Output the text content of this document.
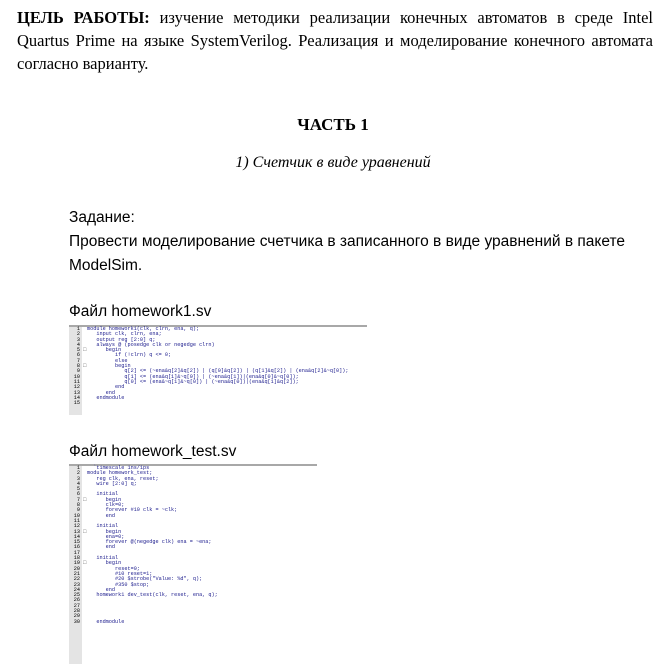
ЦЕЛЬ РАБОТЫ: изучение методики реализации конечных автоматов в среде Intel Quartus Prime на языке SystemVerilog. Реализация и моделирование конечного автомата согласно варианту.
ЧАСТЬ 1
1) Счетчик в виде уравнений
Задание:
Провести моделирование счетчика в записанного в виде уравнений в пакете ModelSim.
Файл homework1.sv
1 module homework1(clk, clrn, ena, q);
2     input clk, clrn, ena;
3     output reg [2:0] q;
4     always @ (posedge clk or negedge clrn)
5 □      begin
6           if (!clrn) q <= 0;
7           else
8 □         begin
9              q[2] <= (~ena&q[2]&q[2]) | (q[0]&q[2]) | (q[1]&q[2]) | (ena&q[2]&~q[0]);
10              q[1] <= (ena&q[1]&~q[0]) | (~ena&q[1])|(ena&q[0]&~q[0]);
11              q[0] <= (ena&~q[1]&~q[0]) | (~ena&q[0])|(ena&q[1]&q[2]);
12           end
13        end
14     endmodule
15
Файл homework_test.sv
1    `timescale 1ns/1ps
2 module homework_test;
3     reg clk, ena, reset;
4     wire [2:0] q;
5
6     initial
7 □      begin
8        clk=0;
9        forever #10 clk = ~clk;
10        end
11
12     initial
13 □      begin
14        ena=0;
15        forever @(negedge clk) ena = ~ena;
16        end
17
18     initial
19 □      begin
20           reset=0;
21           #10 reset=1;
22           #20 $strobe("Value: %d", q);
23           #350 $stop;
24        end
25     homework1 dev_test(clk, reset, ena, q);
26
27
28
29
30     endmodule
